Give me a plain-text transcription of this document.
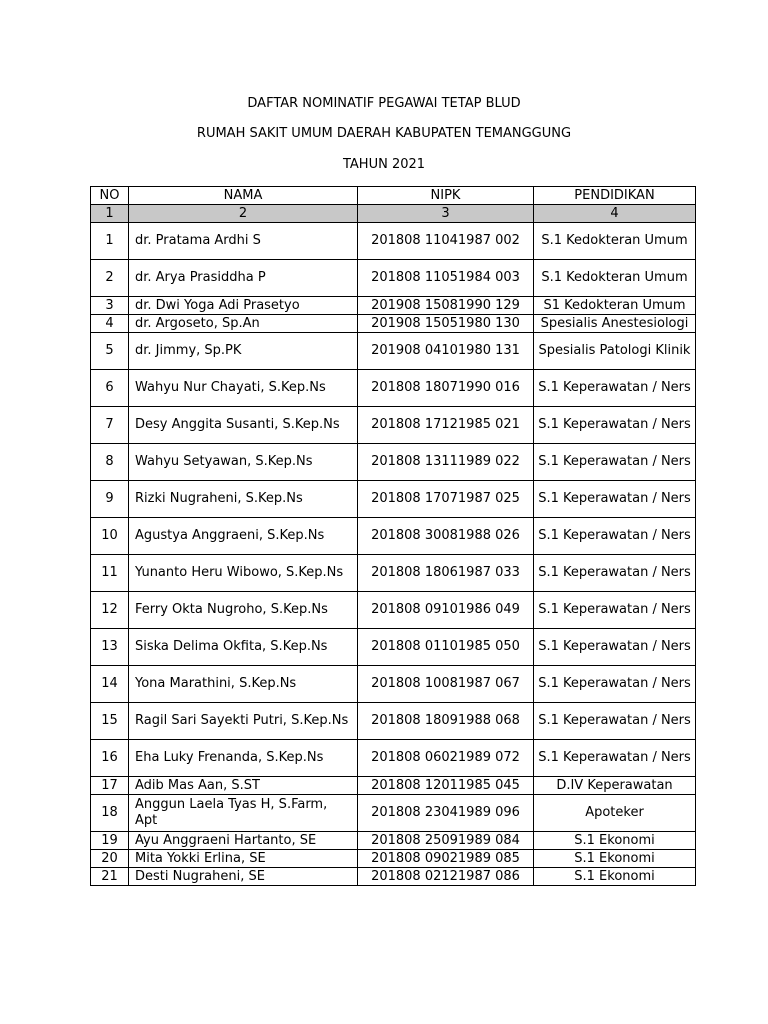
DAFTAR NOMINATIF PEGAWAI TETAP BLUD
RUMAH SAKIT UMUM DAERAH KABUPATEN TEMANGGUNG
TAHUN 2021
NO	NAMA	NIPK	PENDIDIKAN
1	2	3	4
1	dr. Pratama Ardhi S	201808 11041987 002	S.1 Kedokteran Umum
2	dr. Arya Prasiddha P	201808 11051984 003	S.1 Kedokteran Umum
3	dr. Dwi Yoga Adi Prasetyo	201908 15081990 129	S1 Kedokteran Umum
4	dr. Argoseto, Sp.An	201908 15051980 130	Spesialis Anestesiologi
5	dr. Jimmy, Sp.PK	201908 04101980 131	Spesialis Patologi Klinik
6	Wahyu Nur Chayati, S.Kep.Ns	201808 18071990 016	S.1 Keperawatan / Ners
7	Desy Anggita Susanti, S.Kep.Ns	201808 17121985 021	S.1 Keperawatan / Ners
8	Wahyu Setyawan, S.Kep.Ns	201808 13111989 022	S.1 Keperawatan / Ners
9	Rizki Nugraheni, S.Kep.Ns	201808 17071987 025	S.1 Keperawatan / Ners
10	Agustya Anggraeni, S.Kep.Ns	201808 30081988 026	S.1 Keperawatan / Ners
11	Yunanto Heru Wibowo, S.Kep.Ns	201808 18061987 033	S.1 Keperawatan / Ners
12	Ferry Okta Nugroho, S.Kep.Ns	201808 09101986 049	S.1 Keperawatan / Ners
13	Siska Delima Okfita, S.Kep.Ns	201808 01101985 050	S.1 Keperawatan / Ners
14	Yona Marathini, S.Kep.Ns	201808 10081987 067	S.1 Keperawatan / Ners
15	Ragil Sari Sayekti Putri, S.Kep.Ns	201808 18091988 068	S.1 Keperawatan / Ners
16	Eha Luky Frenanda, S.Kep.Ns	201808 06021989 072	S.1 Keperawatan / Ners
17	Adib Mas Aan, S.ST	201808 12011985 045	D.IV Keperawatan
18	Anggun Laela Tyas H, S.Farm, Apt	201808 23041989 096	Apoteker
19	Ayu Anggraeni Hartanto, SE	201808 25091989 084	S.1 Ekonomi
20	Mita Yokki Erlina, SE	201808 09021989 085	S.1 Ekonomi
21	Desti Nugraheni, SE	201808 02121987 086	S.1 Ekonomi
